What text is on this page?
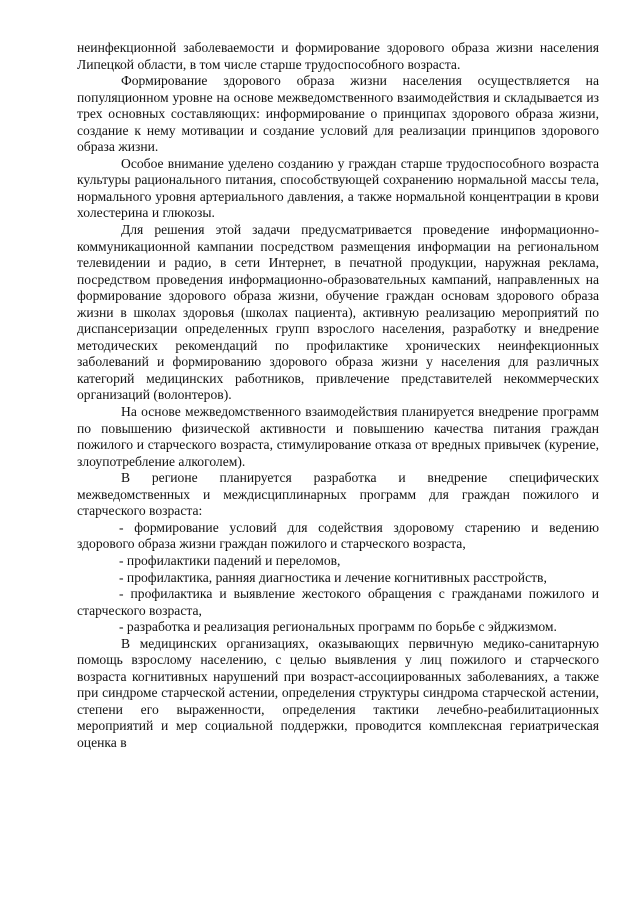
неинфекционной заболеваемости и формирование здорового образа жизни населения Липецкой области, в том числе старше трудоспособного возраста.

Формирование здорового образа жизни населения осуществляется на популяционном уровне на основе межведомственного взаимодействия и складывается из трех основных составляющих: информирование о принципах здорового образа жизни, создание к нему мотивации и создание условий для реализации принципов здорового образа жизни.

Особое внимание уделено созданию у граждан старше трудоспособного возраста культуры рационального питания, способствующей сохранению нормальной массы тела, нормального уровня артериального давления, а также нормальной концентрации в крови холестерина и глюкозы.

Для решения этой задачи предусматривается проведение информационно-коммуникационной кампании посредством размещения информации на региональном телевидении и радио, в сети Интернет, в печатной продукции, наружная реклама, посредством проведения информационно-образовательных кампаний, направленных на формирование здорового образа жизни, обучение граждан основам здорового образа жизни в школах здоровья (школах пациента), активную реализацию мероприятий по диспансеризации определенных групп взрослого населения, разработку и внедрение методических рекомендаций по профилактике хронических неинфекционных заболеваний и формированию здорового образа жизни у населения для различных категорий медицинских работников, привлечение представителей некоммерческих организаций (волонтеров).

На основе межведомственного взаимодействия планируется внедрение программ по повышению физической активности и повышению качества питания граждан пожилого и старческого возраста, стимулирование отказа от вредных привычек (курение, злоупотребление алкоголем).

В регионе планируется разработка и внедрение специфических межведомственных и междисциплинарных программ для граждан пожилого и старческого возраста:

- формирование условий для содействия здоровому старению и ведению здорового образа жизни граждан пожилого и старческого возраста,

- профилактики падений и переломов,

- профилактика, ранняя диагностика и лечение когнитивных расстройств,

- профилактика и выявление жестокого обращения с гражданами пожилого и старческого возраста,

- разработка и реализация региональных программ по борьбе с эйджизмом.

В медицинских организациях, оказывающих первичную медико-санитарную помощь взрослому населению, с целью выявления у лиц пожилого и старческого возраста когнитивных нарушений при возраст-ассоциированных заболеваниях, а также при синдроме старческой астении, определения структуры синдрома старческой астении, степени его выраженности, определения тактики лечебно-реабилитационных мероприятий и мер социальной поддержки, проводится комплексная гериатрическая оценка в
